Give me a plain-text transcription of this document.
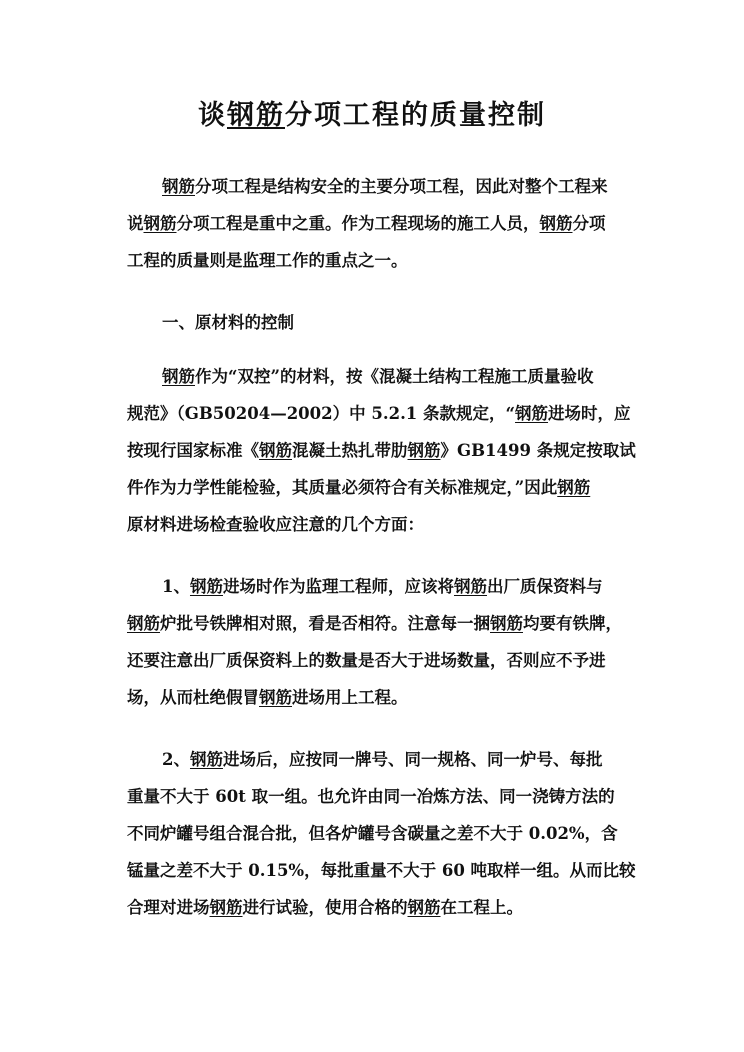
谈钢筋分项工程的质量控制
钢筋分项工程是结构安全的主要分项工程，因此对整个工程来
说钢筋分项工程是重中之重。作为工程现场的施工人员，钢筋分项
工程的质量则是监理工作的重点之一。
一、原材料的控制
钢筋作为“双控”的材料，按《混凝土结构工程施工质量验收
规范》（GB50204—2002）中 5.2.1 条款规定，“钢筋进场时，应
按现行国家标准《钢筋混凝土热扎带肋钢筋》GB1499 条规定按取试
件作为力学性能检验，其质量必须符合有关标准规定，”因此钢筋
原材料进场检查验收应注意的几个方面：
1、钢筋进场时作为监理工程师，应该将钢筋出厂质保资料与
钢筋炉批号铁牌相对照，看是否相符。注意每一捆钢筋均要有铁牌，
还要注意出厂质保资料上的数量是否大于进场数量，否则应不予进
场，从而杜绝假冒钢筋进场用上工程。
2、钢筋进场后，应按同一牌号、同一规格、同一炉号、每批
重量不大于 60t 取一组。也允许由同一冶炼方法、同一浇铸方法的
不同炉罐号组合混合批，但各炉罐号含碳量之差不大于 0.02%，含
锰量之差不大于 0.15%，每批重量不大于 60 吨取样一组。从而比较
合理对进场钢筋进行试验，使用合格的钢筋在工程上。
